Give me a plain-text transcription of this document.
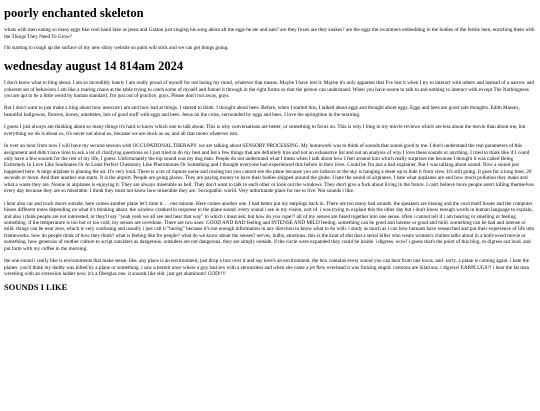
poorly enchanted skeleton

whats with men eating so many eggs like cool hand luke as jesus and Gaston just singing his song about all the eggs he ate and eats? are they foxes are they snakes? are the eggs the swimmers embedding in the bodies of the fertile men, enriching them with the Things They Need To Grow?

I'm starting to rough up the surface of my new shiny website so paint will stick and we can get things going.

wednesday august 14 814am 2024

I don't know what to blog about. I am so incredibly lonely I am really proud of myself for not losing my mind, whatever that means. Maybe I have lost it. Maybe it's only apparent that I've lost it when I try to interact with others and instead of a narrow and coherent set of behaviors I am like a roaring chaos at the table trying to catch some of myself and funnel it through in the right forms so that the person can understand. When you have noone to talk to and nothing to interact with except The Nothingness you are apt to be a little weird by human standard. I'm just out of practice, guys. Please don't run away, guys.

But I don't want to just make a blog about how insecure i am and how bad at things. I started to think. I thought about bees. Before, when I started this, I talked about eggs and thought about eggs. Eggs and bees are good safe thoughts. Edith Massey, beautiful ballgowns, flowers, honey, omelettes, lots of good stuff with eggs and bees. Jesus on the cross, surrounded by eggs and bees. I love the springtime in the morning.

I guess I just always am thinking about so many things it's hard to know which one to talk about. This is why conversations are better, or something to focus on. This is why I blog in my movie reviews which are less about the movie than about me, but everything we do is about us, it's never not about us, because we are stuck as us, and all that mono whatever ism.

In over an hour from now I will have my second session with OCCUPATIONAL THERAPY. we are talking about SENSORY PROCESSING. My homework was to think of sounds that sound good to me. I don't understand the real parameters of this assignment and didn't have time to ask a lot of clarifying questions so I just tried to do my best and list a few things that are definitely true and not an exhaustive list and not an analysis of why I love these sounds or anything. I tried to think like if I could only have a few sounds for the rest of my life, I guess. Unfortunately the top sound was my dog man. People do not understand what I mean when I talk about how I feel around him which really surprises me because I thought it was called Being Extremely In Love Like Soulmates Or At Least Perfect Chemistry Like Pheromones Or Something and I thought everyone had experienced this before in their lives. Could be I'm just a bad explainer. But I was talking about sound. Now a sound just happened here: A large airplane is planing the air. It's very loud. There is a lot of rupture noise and roaring but you cannot see the plane because you are indoors or the sky is hanging a sheet up to hide it from view. It's still going. It goes for a long time, 20 seconds or more. And then another one starts. It is the airport. People are going places. They are paying money to have their bodies shipped around the globe. I hate the sound of airplanes. I hate what airplanes are and how much pollution they make and what a waste they are. Noone in airplanes is enjoying it. They are always miserable as hell. They don't want to talk to each other or look out the windows. They don't give a fuck about living in the future. I can't believe more people aren't killing themselves every day because they are so miserable. I think they must not know how miserable they are. Sociopathic world. Very unfortunate place for me to live. Not sounds i like.

i hear also car and truck doors outside. here comes another plane let's time it. . . one minute. Here comes another one. I had better put my earplugs back in. There are too many bad sounds. the speakers are hissing and the cord itself hisses and the computer hisses different tones depending on what it's thinking about. the window cranked in response to the plane sound. every sound i see in my vision, sort of. i was trying to explain this the other day but i don't know enough words in human language to explain, and also i think people are not interested, or they'll say "yeah yeah we all see and hear that way" to which i must ask; but how do you cope!? all of my senses are fused together into one sense. often i cannot tell if i am hearing or smelling or feeling something. if the temperature is too hot or too cold, my senses are overdone. There are two axes: GOOD AND BAD feeling and INTENSE AND MILD feeling. something can be good and intense or good and mild. something can be bad and intense or mild. things can be near zero, which is very confusing and usually i just call it "boring" because it's not enough information in any direction to know what to do with. i study as much as i can how humans have researched and put their experience of life into frameworks. how do people think of how they think? what is feeling like for people? what do we know about the senses? nerves, bulbs, emotions. this is the kind of shit that a serial killer who wears women's clothes talks about in a hollywood movie or something. how generous of mother culture to script outsiders as dangerous. outsiders are not dangerous. they are simply outside. if the circle were expanded they could be inside. i digress. wow! i guess that's the point of this blog. to digress out loud. and put farm with my coffee in the morning.

the one sound i really like is environments that make sense. like, any place is an environment, just drop a box over it and say here's an environment. the box contains every sound you can hear from one locus. and. sorry. a plane is coming again. i hate the planes. you'd think my daddy was killed by a plane or something. i saw a hermit once where a guy had sex with a stewardess and when she came a jet flew overhead it was fucking stupid. cartoons are hilarious. i digress! EARPLUGS?! i hear the fat man wrestling with an extension ladder now. it's a fiberglas one. it sounds like shit. just get aluminum! GOD!!!!

SOUNDS I LIKE
